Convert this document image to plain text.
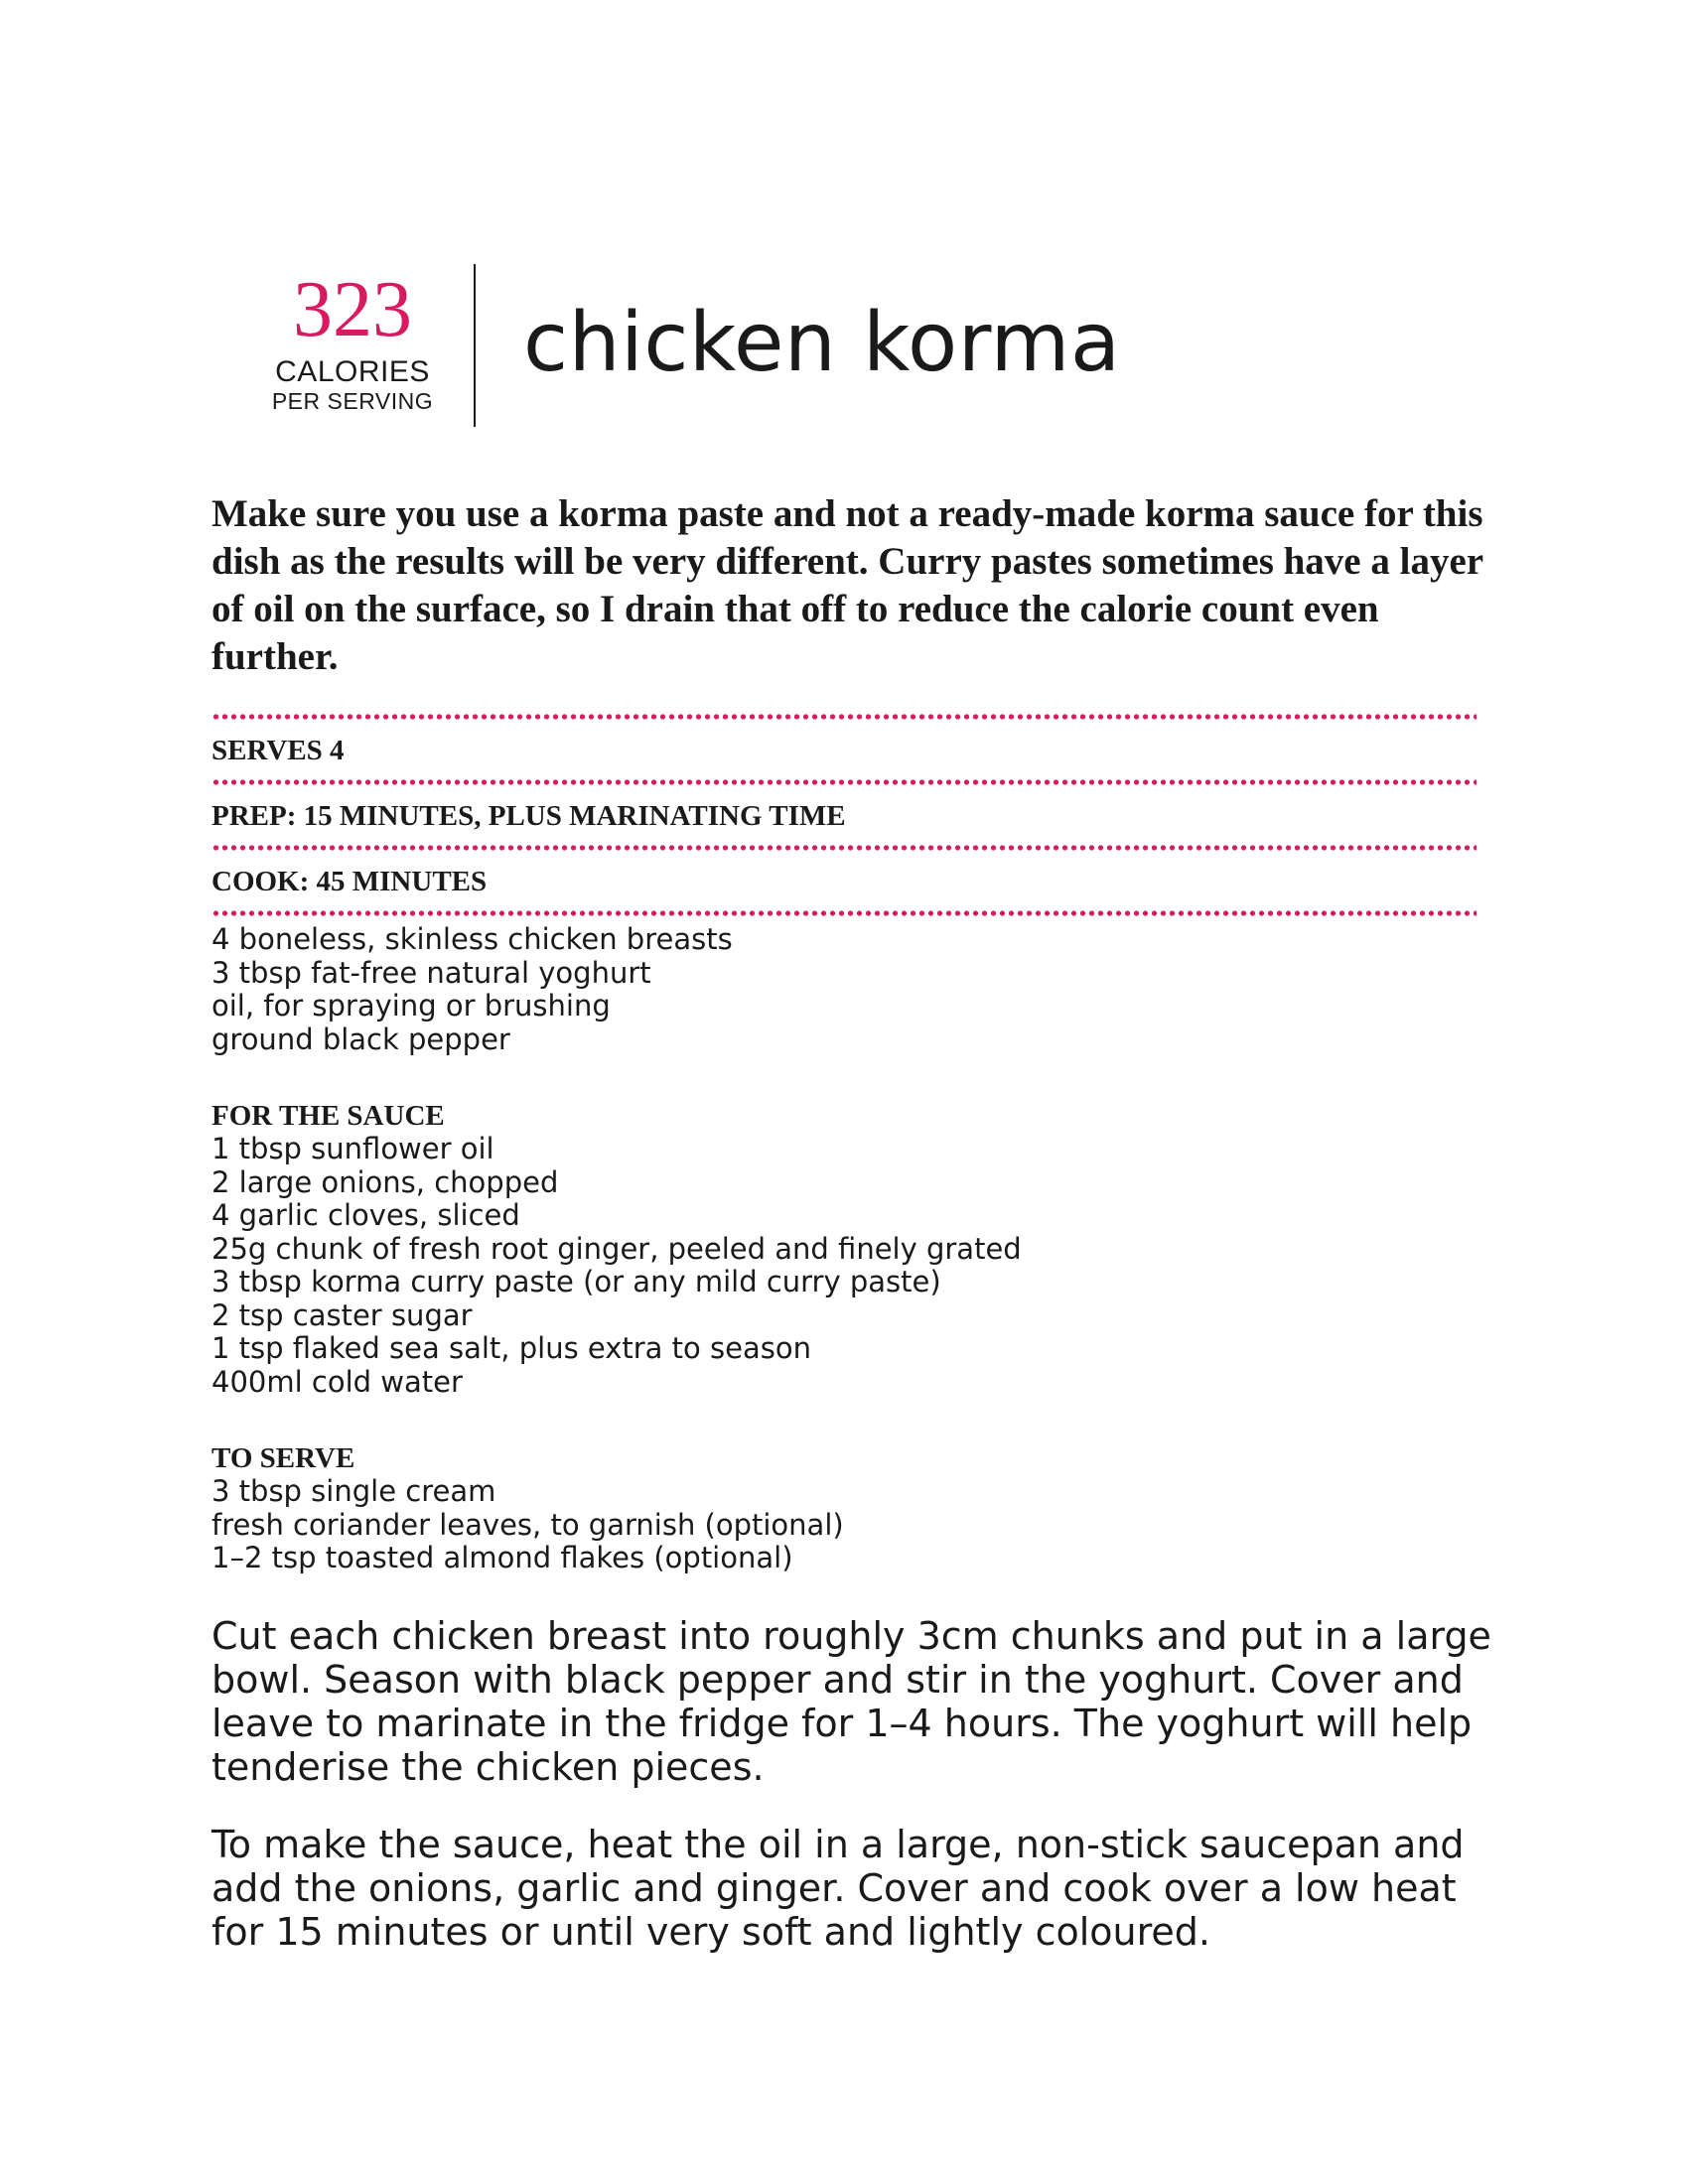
323
CALORIES
PER SERVING
chicken korma

Make sure you use a korma paste and not a ready-made korma sauce for this dish as the results will be very different. Curry pastes sometimes have a layer of oil on the surface, so I drain that off to reduce the calorie count even further.

SERVES 4
PREP: 15 MINUTES, PLUS MARINATING TIME
COOK: 45 MINUTES
4 boneless, skinless chicken breasts
3 tbsp fat-free natural yoghurt
oil, for spraying or brushing
ground black pepper
FOR THE SAUCE
1 tbsp sunflower oil
2 large onions, chopped
4 garlic cloves, sliced
25g chunk of fresh root ginger, peeled and finely grated
3 tbsp korma curry paste (or any mild curry paste)
2 tsp caster sugar
1 tsp flaked sea salt, plus extra to season
400ml cold water
TO SERVE
3 tbsp single cream
fresh coriander leaves, to garnish (optional)
1–2 tsp toasted almond flakes (optional)

Cut each chicken breast into roughly 3cm chunks and put in a large bowl. Season with black pepper and stir in the yoghurt. Cover and leave to marinate in the fridge for 1–4 hours. The yoghurt will help tenderise the chicken pieces.

To make the sauce, heat the oil in a large, non-stick saucepan and add the onions, garlic and ginger. Cover and cook over a low heat for 15 minutes or until very soft and lightly coloured.
